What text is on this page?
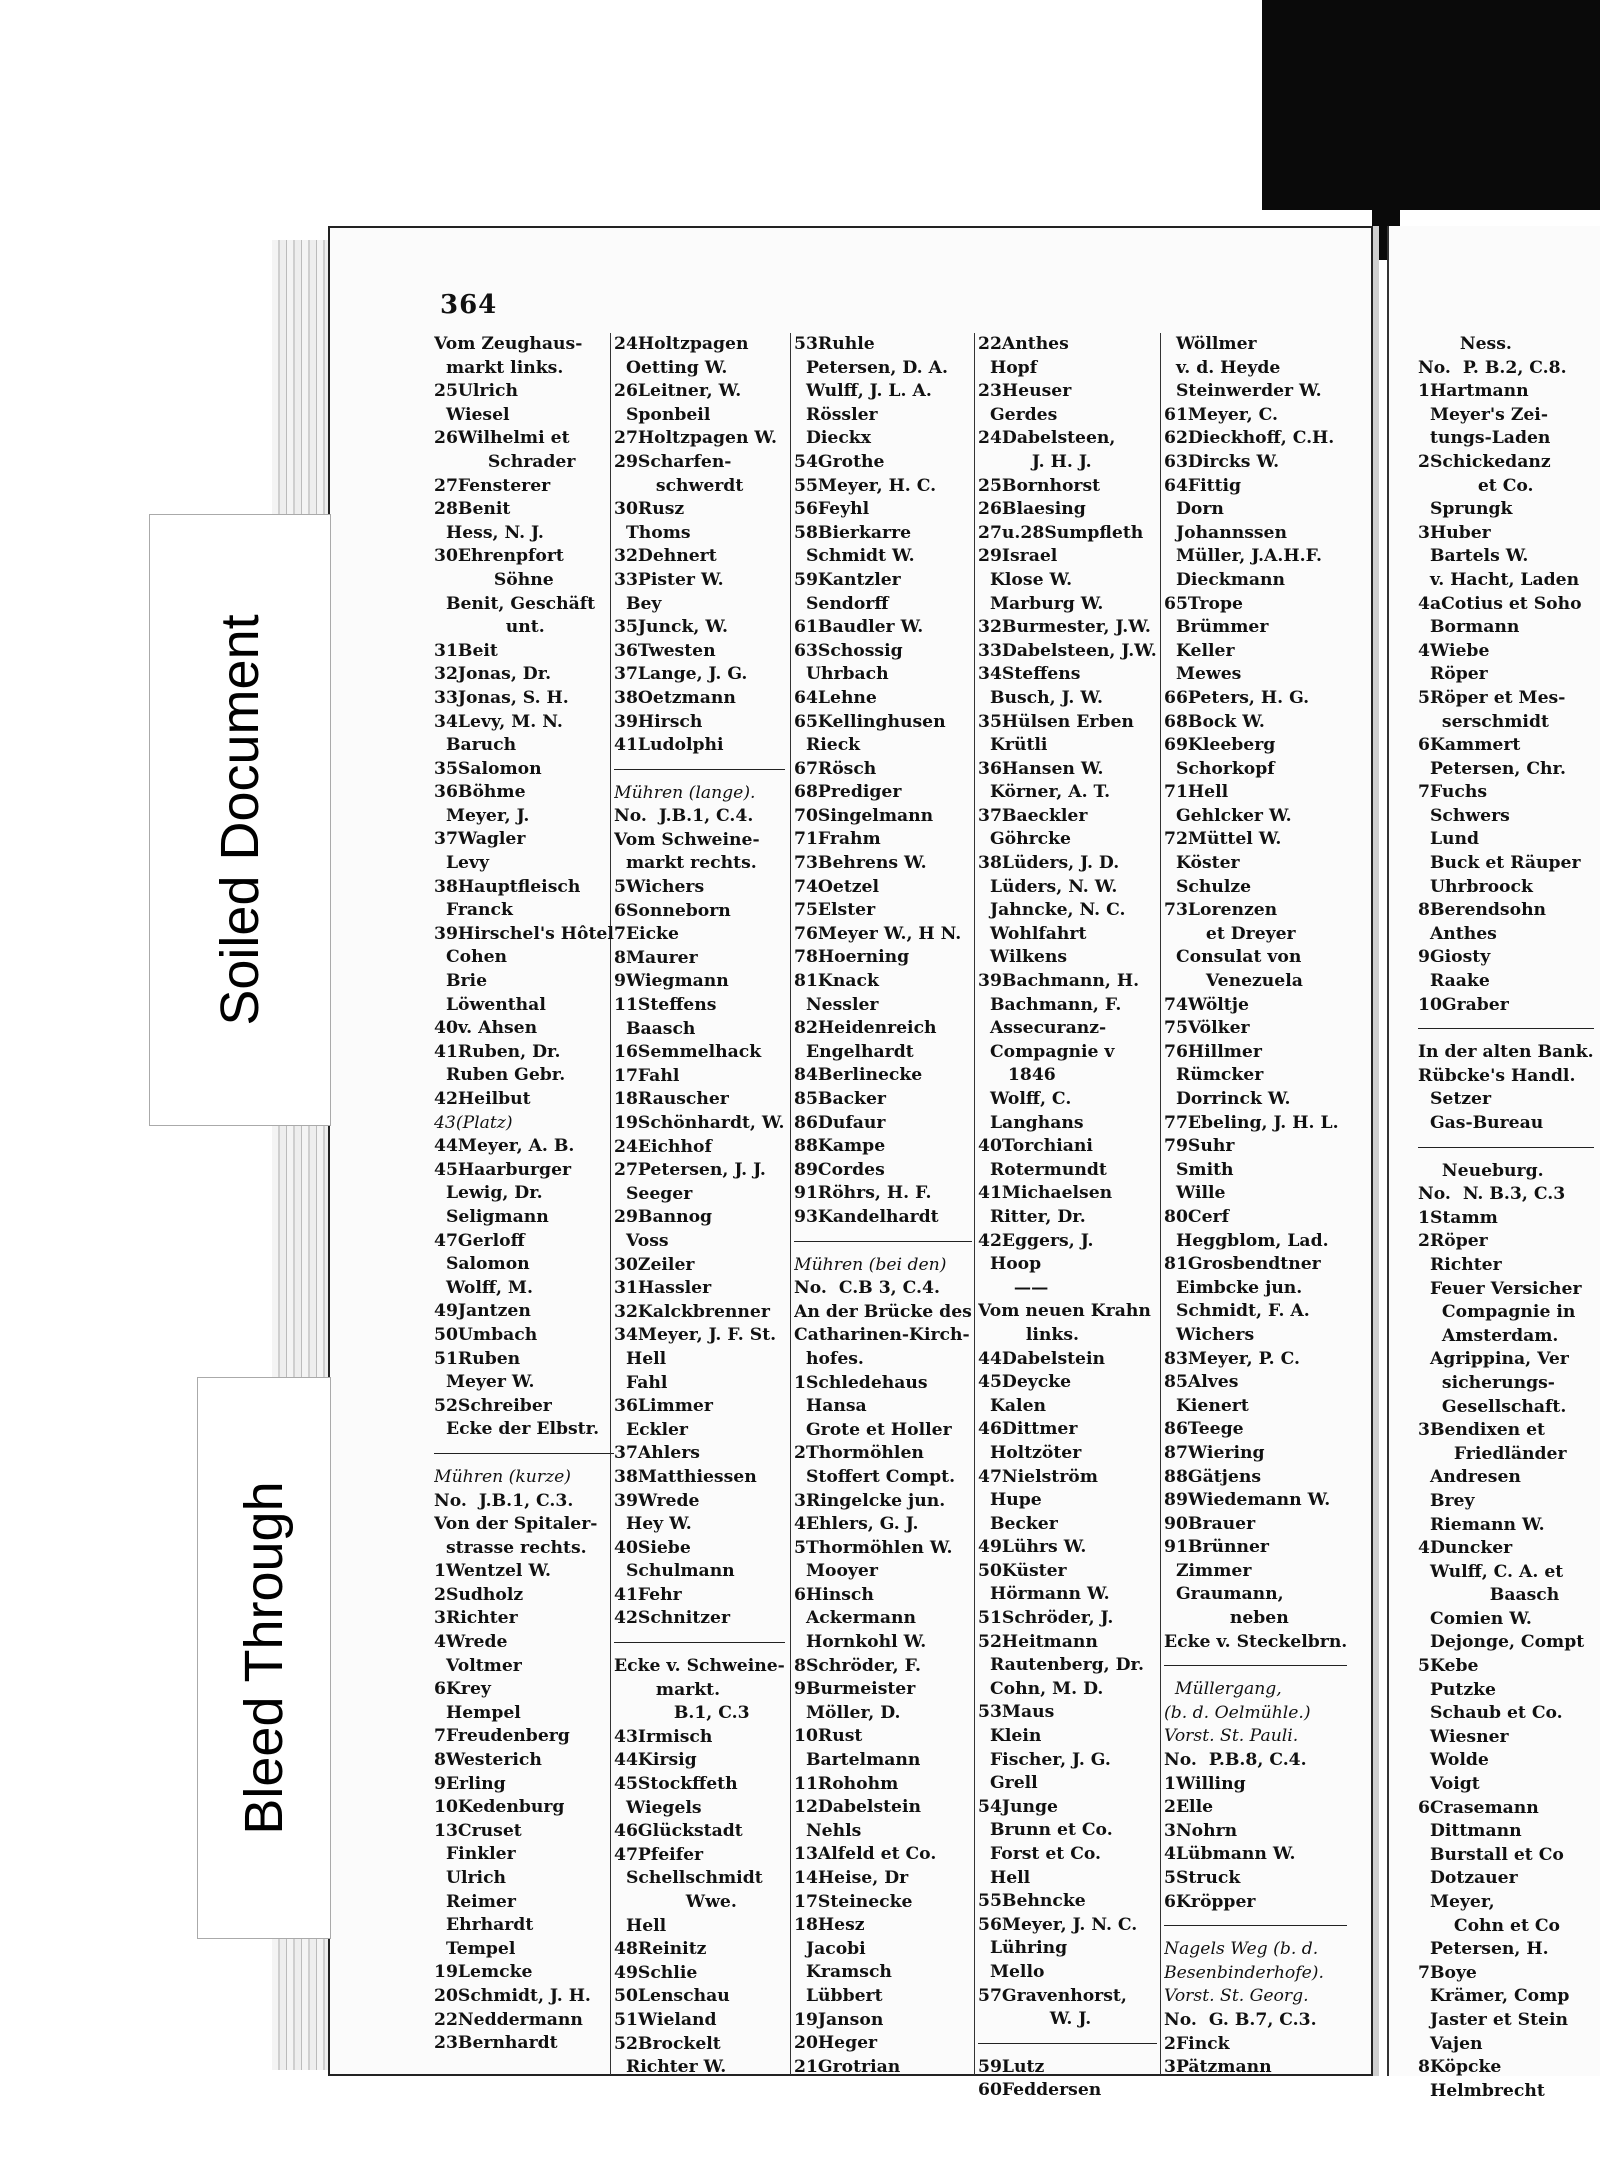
364
Vom Zeughaus-
markt links.
25Ulrich
Wiesel
26Wilhelmi et
Schrader
27Fensterer
28Benit
Hess, N. J.
30Ehrenpfort
Söhne
Benit, Geschäft
unt.
31Beit
32Jonas, Dr.
33Jonas, S. H.
34Levy, M. N.
Baruch
35Salomon
36Böhme
Meyer, J.
37Wagler
Levy
38Hauptfleisch
Franck
39Hirschel's Hôtel
Cohen
Brie
Löwenthal
40v. Ahsen
41Ruben, Dr.
Ruben Gebr.
42Heilbut
43(Platz)
44Meyer, A. B.
45Haarburger
Lewig, Dr.
Seligmann
47Gerloff
Salomon
Wolff, M.
49Jantzen
50Umbach
51Ruben
Meyer W.
52Schreiber
Ecke der Elbstr.
Mühren (kurze)
No.  J.B.1, C.3.
Von der Spitaler-
strasse rechts.
1Wentzel W.
2Sudholz
3Richter
4Wrede
Voltmer
6Krey
Hempel
7Freudenberg
8Westerich
9Erling
10Kedenburg
13Cruset
Finkler
Ulrich
Reimer
Ehrhardt
Tempel
19Lemcke
20Schmidt, J. H.
22Neddermann
23Bernhardt
24Holtzpagen
Oetting W.
26Leitner, W.
Sponbeil
27Holtzpagen W.
29Scharfen-
schwerdt
30Rusz
Thoms
32Dehnert
33Pister W.
Bey
35Junck, W.
36Twesten
37Lange, J. G.
38Oetzmann
39Hirsch
41Ludolphi
Mühren (lange).
No.  J.B.1, C.4.
Vom Schweine-
markt rechts.
5Wichers
6Sonneborn
7Eicke
8Maurer
9Wiegmann
11Steffens
Baasch
16Semmelhack
17Fahl
18Rauscher
19Schönhardt, W.
24Eichhof
27Petersen, J. J.
Seeger
29Bannog
Voss
30Zeiler
31Hassler
32Kalckbrenner
34Meyer, J. F. St.
Hell
Fahl
36Limmer
Eckler
37Ahlers
38Matthiessen
39Wrede
Hey W.
40Siebe
Schulmann
41Fehr
42Schnitzer
Ecke v. Schweine-
markt.
B.1, C.3
43Irmisch
44Kirsig
45Stockffeth
Wiegels
46Glückstadt
47Pfeifer
Schellschmidt
Wwe.
Hell
48Reinitz
49Schlie
50Lenschau
51Wieland
52Brockelt
Richter W.
53Ruhle
Petersen, D. A.
Wulff, J. L. A.
Rössler
Dieckx
54Grothe
55Meyer, H. C.
56Feyhl
58Bierkarre
Schmidt W.
59Kantzler
Sendorff
61Baudler W.
63Schossig
Uhrbach
64Lehne
65Kellinghusen
Rieck
67Rösch
68Prediger
70Singelmann
71Frahm
73Behrens W.
74Oetzel
75Elster
76Meyer W., H N.
78Hoerning
81Knack
Nessler
82Heidenreich
Engelhardt
84Berlinecke
85Backer
86Dufaur
88Kampe
89Cordes
91Röhrs, H. F.
93Kandelhardt
Mühren (bei den)
No.  C.B 3, C.4.
An der Brücke des
Catharinen-Kirch-
hofes.
1Schledehaus
Hansa
Grote et Holler
2Thormöhlen
Stoffert Compt.
3Ringelcke jun.
4Ehlers, G. J.
5Thormöhlen W.
Mooyer
6Hinsch
Ackermann
Hornkohl W.
8Schröder, F.
9Burmeister
Möller, D.
10Rust
Bartelmann
11Rohohm
12Dabelstein
Nehls
13Alfeld et Co.
14Heise, Dr
17Steinecke
18Hesz
Jacobi
Kramsch
Lübbert
19Janson
20Heger
21Grotrian
22Anthes
Hopf
23Heuser
Gerdes
24Dabelsteen,
J. H. J.
25Bornhorst
26Blaesing
27u.28Sumpfleth
29Israel
Klose W.
Marburg W.
32Burmester, J.W.
33Dabelsteen, J.W.
34Steffens
Busch, J. W.
35Hülsen Erben
Krütli
36Hansen W.
Körner, A. T.
37Baeckler
Göhrcke
38Lüders, J. D.
Lüders, N. W.
Jahncke, N. C.
Wohlfahrt
Wilkens
39Bachmann, H.
Bachmann, F.
Assecuranz-
Compagnie v
1846
Wolff, C.
Langhans
40Torchiani
Rotermundt
41Michaelsen
Ritter, Dr.
42Eggers, J.
Hoop
——
Vom neuen Krahn
links.
44Dabelstein
45Deycke
Kalen
46Dittmer
Holtzöter
47Nielström
Hupe
Becker
49Lührs W.
50Küster
Hörmann W.
51Schröder, J.
52Heitmann
Rautenberg, Dr.
Cohn, M. D.
53Maus
Klein
Fischer, J. G.
Grell
54Junge
Brunn et Co.
Forst et Co.
Hell
55Behncke
56Meyer, J. N. C.
Lühring
Mello
57Gravenhorst,
W. J.
59Lutz
60Feddersen
Wöllmer
v. d. Heyde
Steinwerder W.
61Meyer, C.
62Dieckhoff, C.H.
63Dircks W.
64Fittig
Dorn
Johannssen
Müller, J.A.H.F.
Dieckmann
65Trope
Brümmer
Keller
Mewes
66Peters, H. G.
68Bock W.
69Kleeberg
Schorkopf
71Hell
Gehlcker W.
72Müttel W.
Köster
Schulze
73Lorenzen
et Dreyer
Consulat von
Venezuela
74Wöltje
75Völker
76Hillmer
Rümcker
Dorrinck W.
77Ebeling, J. H. L.
79Suhr
Smith
Wille
80Cerf
Heggblom, Lad.
81Grosbendtner
Eimbcke jun.
Schmidt, F. A.
Wichers
83Meyer, P. C.
85Alves
Kienert
86Teege
87Wiering
88Gätjens
89Wiedemann W.
90Brauer
91Brünner
Zimmer
Graumann,
neben
Ecke v. Steckelbrn.
Müllergang,
(b. d. Oelmühle.)
Vorst. St. Pauli.
No.  P.B.8, C.4.
1Willing
2Elle
3Nohrn
4Lübmann W.
5Struck
6Kröpper
Nagels Weg (b. d.
Besenbinderhofe).
Vorst. St. Georg.
No.  G. B.7, C.3.
2Finck
3Pätzmann
Ness.
No.  P. B.2, C.8.
1Hartmann
Meyer's Zei-
tungs-Laden
2Schickedanz
et Co.
Sprungk
3Huber
Bartels W.
v. Hacht, Laden
4aCotius et Soho
Bormann
4Wiebe
Röper
5Röper et Mes-
serschmidt
6Kammert
Petersen, Chr.
7Fuchs
Schwers
Lund
Buck et Räuper
Uhrbroock
8Berendsohn
Anthes
9Giosty
Raake
10Graber
In der alten Bank.
Rübcke's Handl.
Setzer
Gas-Bureau
Neueburg.
No.  N. B.3, C.3
1Stamm
2Röper
Richter
Feuer Versicher
Compagnie in
Amsterdam.
Agrippina, Ver
sicherungs-
Gesellschaft.
3Bendixen et
Friedländer
Andresen
Brey
Riemann W.
4Duncker
Wulff, C. A. et
Baasch
Comien W.
Dejonge, Compt
5Kebe
Putzke
Schaub et Co.
Wiesner
Wolde
Voigt
6Crasemann
Dittmann
Burstall et Co
Dotzauer
Meyer,
Cohn et Co
Petersen, H.
7Boye
Krämer, Comp
Jaster et Stein
Vajen
8Köpcke
Helmbrecht
Soiled Document
Bleed Through
